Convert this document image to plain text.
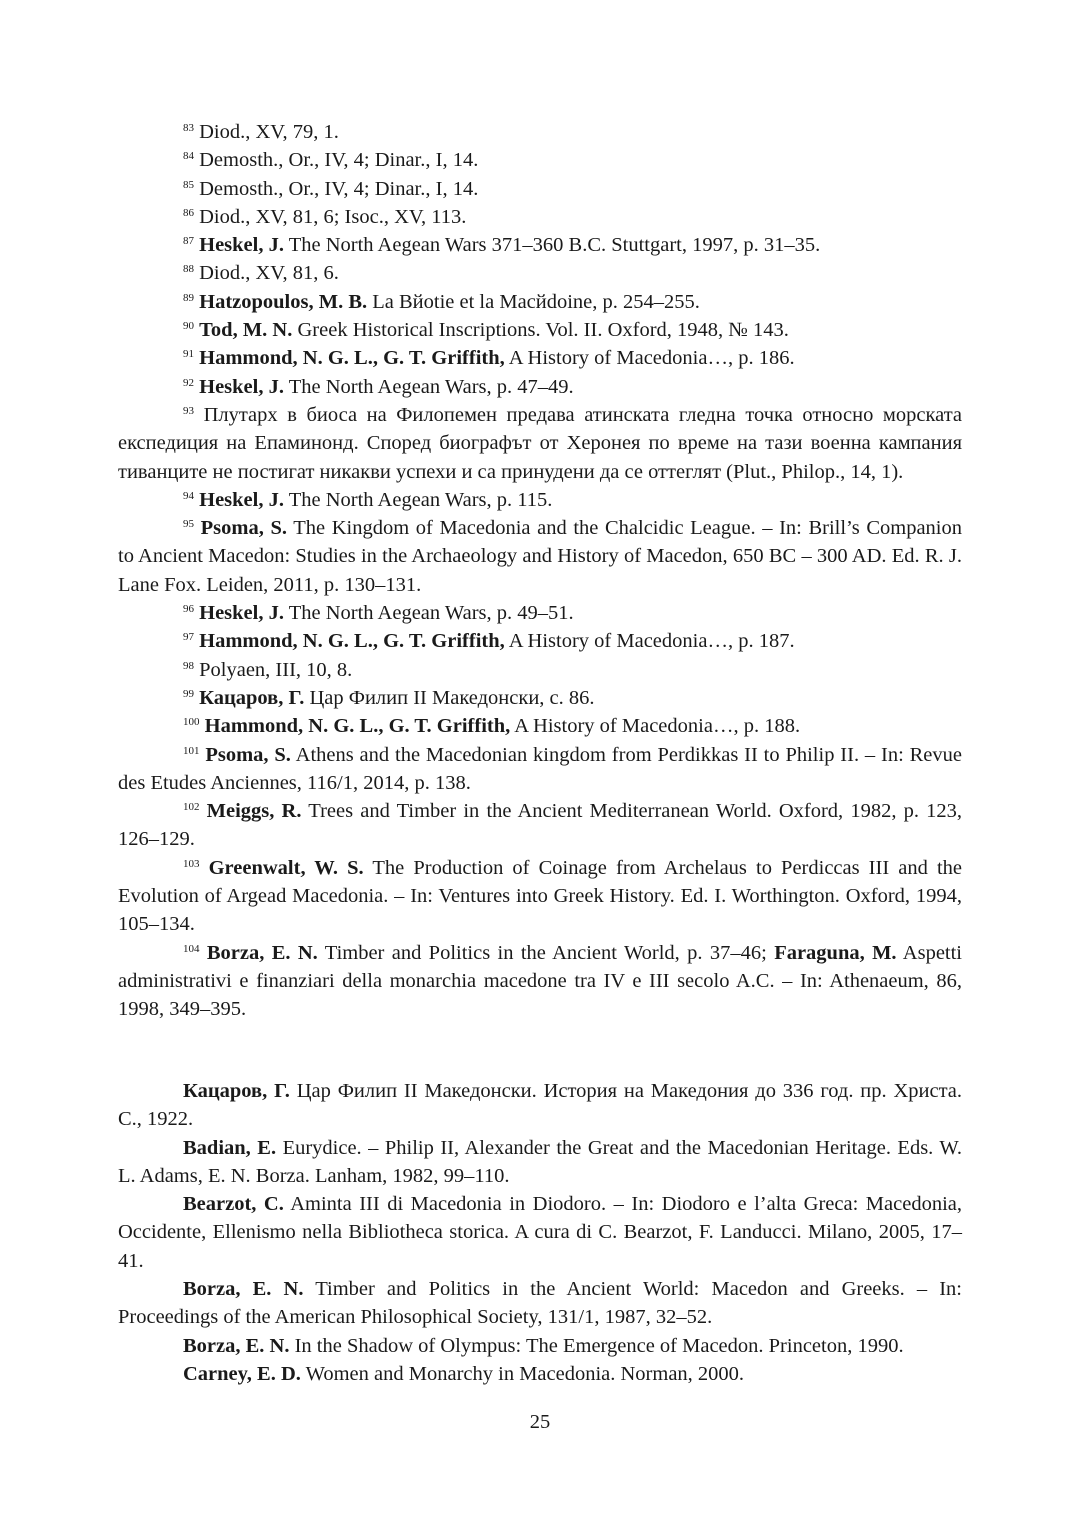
$^{83}$ Diod., XV, 79, 1.

$^{84}$ Demosth., Or., IV, 4; Dinar., I, 14.

$^{85}$ Demosth., Or., IV, 4; Dinar., I, 14.

$^{86}$ Diod., XV, 81, 6; Isoc., XV, 113.

$^{87}$ Heskel, J. The North Aegean Wars 371–360 B.C. Stuttgart, 1997, p. 31–35.

$^{88}$ Diod., XV, 81, 6.

$^{89}$ Hatzopoulos, M. B. La Вйotie et la Macйdoine, p. 254–255.

$^{90}$ Tod, M. N. Greek Historical Inscriptions. Vol. II. Oxford, 1948, № 143.

$^{91}$ Hammond, N. G. L., G. T. Griffith, A History of Macedonia…, p. 186.

$^{92}$ Heskel, J. The North Aegean Wars, p. 47–49.

$^{93}$ Плутарх в биоса на Филопемен предава атинската гледна точка относно морската експедиция на Епаминонд. Според биографът от Херонея по време на тази военна кампания тиванците не постигат никакви успехи и са принудени да се оттеглят (Plut., Philop., 14, 1).

$^{94}$ Heskel, J. The North Aegean Wars, p. 115.

$^{95}$ Psoma, S. The Kingdom of Macedonia and the Chalcidic League. – In: Brill’s Companion to Ancient Macedon: Studies in the Archaeology and History of Macedon, 650 BC – 300 AD. Ed. R. J. Lane Fox. Leiden, 2011, p. 130–131.

$^{96}$ Heskel, J. The North Aegean Wars, p. 49–51.

$^{97}$ Hammond, N. G. L., G. T. Griffith, A History of Macedonia…, p. 187.

$^{98}$ Polyaen, III, 10, 8.

$^{99}$ Кацаров, Г. Цар Филип II Македонски, с. 86.

$^{100}$ Hammond, N. G. L., G. T. Griffith, A History of Macedonia…, p. 188.

$^{101}$ Psoma, S. Athens and the Macedonian kingdom from Perdikkas II to Philip II. – In: Revue des Etudes Anciennes, 116/1, 2014, p. 138.

$^{102}$ Meiggs, R. Trees and Timber in the Ancient Mediterranean World. Oxford, 1982, p. 123, 126–129.

$^{103}$ Greenwalt, W. S. The Production of Coinage from Archelaus to Perdiccas III and the Evolution of Argead Macedonia. – In: Ventures into Greek History. Ed. I. Worthington. Oxford, 1994, 105–134.

$^{104}$ Borza, E. N. Timber and Politics in the Ancient World, p. 37–46; Faraguna, M. Aspetti administrativi e finanziari della monarchia macedone tra IV e III secolo A.C. – In: Athenaeum, 86, 1998, 349–395.

Кацаров, Г. Цар Филип II Македонски. История на Македония до 336 год. пр. Христа. С., 1922.

Badian, E. Eurydice. – Philip II, Alexander the Great and the Macedonian Heritage. Eds. W. L. Adams, E. N. Borza. Lanham, 1982, 99–110.

Bearzot, C. Aminta III di Macedonia in Diodoro. – In: Diodoro e l’alta Greca: Macedonia, Occidente, Ellenismo nella Bibliotheca storica. A cura di C. Bearzot, F. Landucci. Milano, 2005, 17–41.

Borza, E. N. Timber and Politics in the Ancient World: Macedon and Greeks. – In: Proceedings of the American Philosophical Society, 131/1, 1987, 32–52.

Borza, E. N. In the Shadow of Olympus: The Emergence of Macedon. Princeton, 1990.

Carney, E. D. Women and Monarchy in Macedonia. Norman, 2000.

25
